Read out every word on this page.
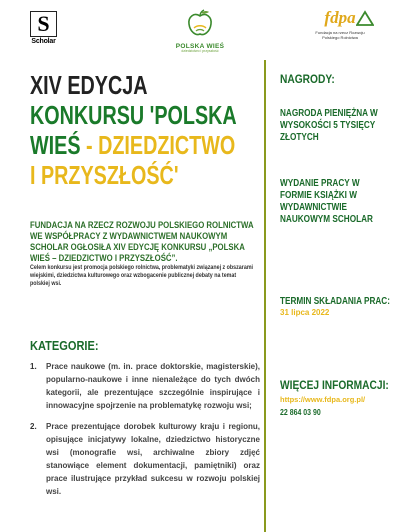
S
Scholar
POLSKA WIEŚ
dziedzictwo i przyszłość
fdpa
Fundacja na rzecz Rozwoju
Polskiego Rolnictwa
XIV EDYCJA
KONKURSU 'POLSKA
WIEŚ - DZIEDZICTWO
I PRZYSZŁOŚĆ'

FUNDACJA NA RZECZ ROZWOJU POLSKIEGO ROLNICTWA WE WSPÓŁPRACY Z WYDAWNICTWEM NAUKOWYM SCHOLAR OGŁOSIŁA XIV EDYCJĘ KONKURSU „POLSKA WIEŚ – DZIEDZICTWO I PRZYSZŁOŚĆ”.

Celem konkursu jest promocja polskiego rolnictwa, problematyki związanej z obszarami wiejskimi, dziedzictwa kulturowego oraz wzbogacenie publicznej debaty na temat polskiej wsi.

KATEGORIE:
1.	Prace naukowe (m. in. prace doktorskie, magisterskie), popularno-naukowe i inne nienależące do tych dwóch kategorii, ale prezentujące szczególnie inspirujące i innowacyjne spojrzenie na problematykę rozwoju wsi;
2.	Prace prezentujące dorobek kulturowy kraju i regionu, opisujące inicjatywy lokalne, dziedzictwo historyczne wsi (monografie wsi, archiwalne zbiory zdjęć stanowiące element dokumentacji, pamiętniki) oraz prace ilustrujące przykład sukcesu w rozwoju polskiej wsi.
NAGRODY:
NAGRODA PIENIĘŻNA W WYSOKOŚCI 5 TYSIĘCY ZŁOTYCH
WYDANIE PRACY W FORMIE KSIĄŻKI W WYDAWNICTWIE NAUKOWYM SCHOLAR
TERMIN SKŁADANIA PRAC:
31 lipca 2022
WIĘCEJ INFORMACJI:
https://www.fdpa.org.pl/
22 864 03 90
